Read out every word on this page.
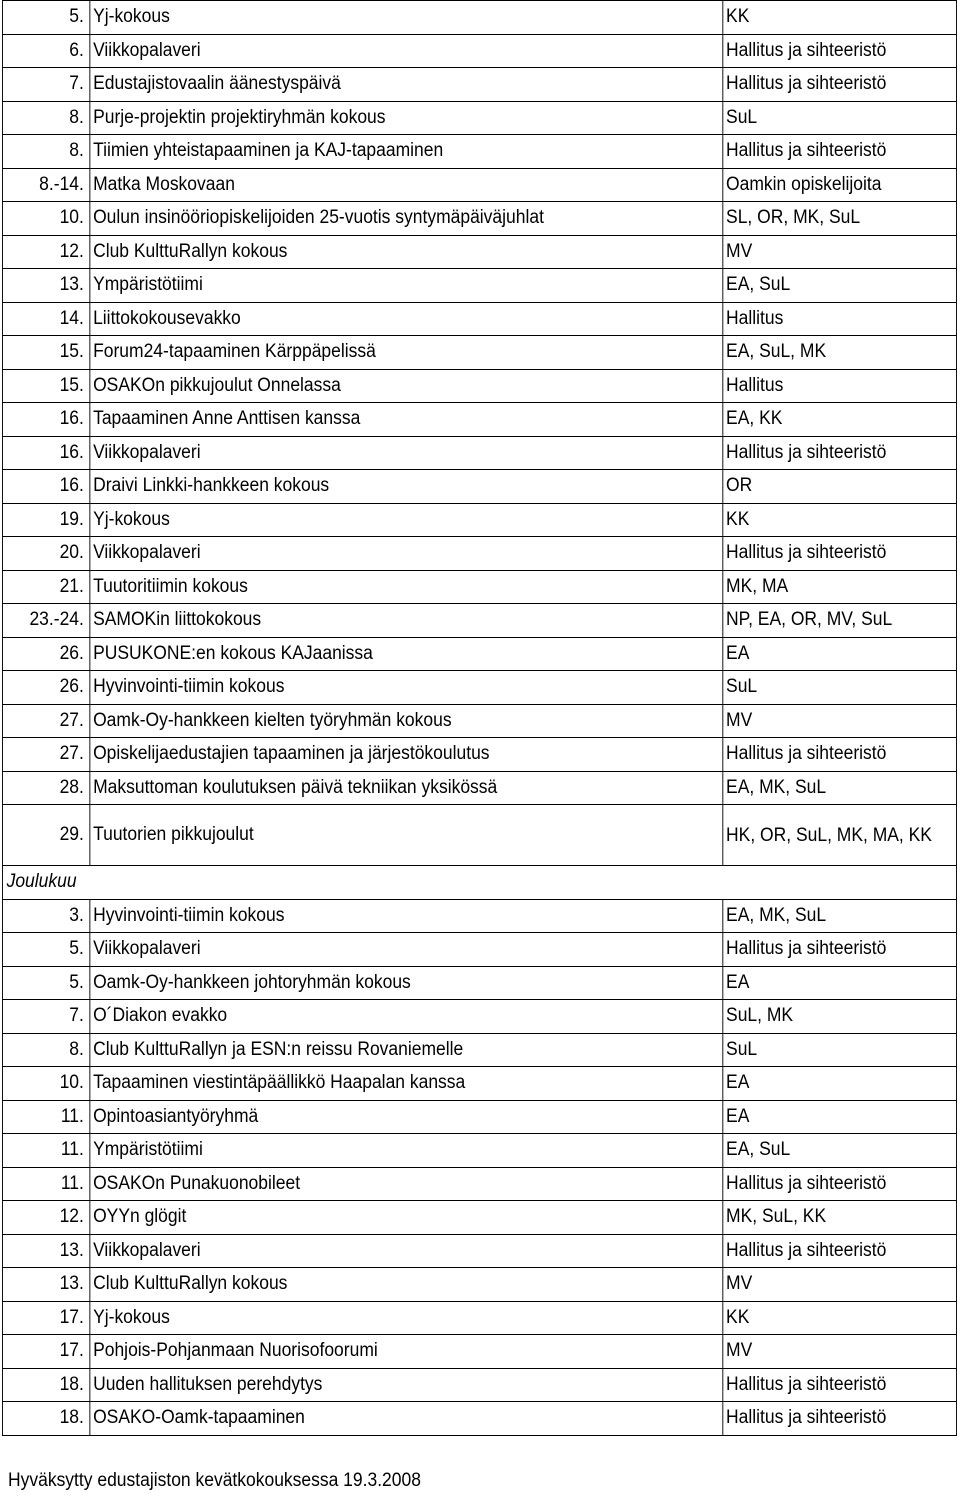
5.	Yj-kokous	KK
6.	Viikkopalaveri	Hallitus ja sihteeristö
7.	Edustajistovaalin äänestyspäivä	Hallitus ja sihteeristö
8.	Purje-projektin projektiryhmän kokous	SuL
8.	Tiimien yhteistapaaminen ja KAJ-tapaaminen	Hallitus ja sihteeristö
8.-14.	Matka Moskovaan	Oamkin opiskelijoita
10.	Oulun insinööriopiskelijoiden 25-vuotis syntymäpäiväjuhlat	SL, OR, MK, SuL
12.	Club KulttuRallyn kokous	MV
13.	Ympäristötiimi	EA, SuL
14.	Liittokokousevakko	Hallitus
15.	Forum24-tapaaminen Kärppäpelissä	EA, SuL, MK
15.	OSAKOn pikkujoulut Onnelassa	Hallitus
16.	Tapaaminen Anne Anttisen kanssa	EA, KK
16.	Viikkopalaveri	Hallitus ja sihteeristö
16.	Draivi Linkki-hankkeen kokous	OR
19.	Yj-kokous	KK
20.	Viikkopalaveri	Hallitus ja sihteeristö
21.	Tuutoritiimin kokous	MK, MA
23.-24.	SAMOKin liittokokous	NP, EA, OR, MV, SuL
26.	PUSUKONE:en kokous KAJaanissa	EA
26.	Hyvinvointi-tiimin kokous	SuL
27.	Oamk-Oy-hankkeen kielten työryhmän kokous	MV
27.	Opiskelijaedustajien tapaaminen ja järjestökoulutus	Hallitus ja sihteeristö
28.	Maksuttoman koulutuksen päivä tekniikan yksikössä	EA, MK, SuL
29.	Tuutorien pikkujoulut	HK, OR, SuL, MK, MA, KK
Joulukuu		
3.	Hyvinvointi-tiimin kokous	EA, MK, SuL
5.	Viikkopalaveri	Hallitus ja sihteeristö
5.	Oamk-Oy-hankkeen johtoryhmän kokous	EA
7.	O´Diakon evakko	SuL, MK
8.	Club KulttuRallyn ja ESN:n reissu Rovaniemelle	SuL
10.	Tapaaminen viestintäpäällikkö Haapalan kanssa	EA
11.	Opintoasiantyöryhmä	EA
11.	Ympäristötiimi	EA, SuL
11.	OSAKOn Punakuonobileet	Hallitus ja sihteeristö
12.	OYYn glögit	MK, SuL, KK
13.	Viikkopalaveri	Hallitus ja sihteeristö
13.	Club KulttuRallyn kokous	MV
17.	Yj-kokous	KK
17.	Pohjois-Pohjanmaan Nuorisofoorumi	MV
18.	Uuden hallituksen perehdytys	Hallitus ja sihteeristö
18.	OSAKO-Oamk-tapaaminen	Hallitus ja sihteeristö
Hyväksytty edustajiston kevätkokouksessa 19.3.2008
